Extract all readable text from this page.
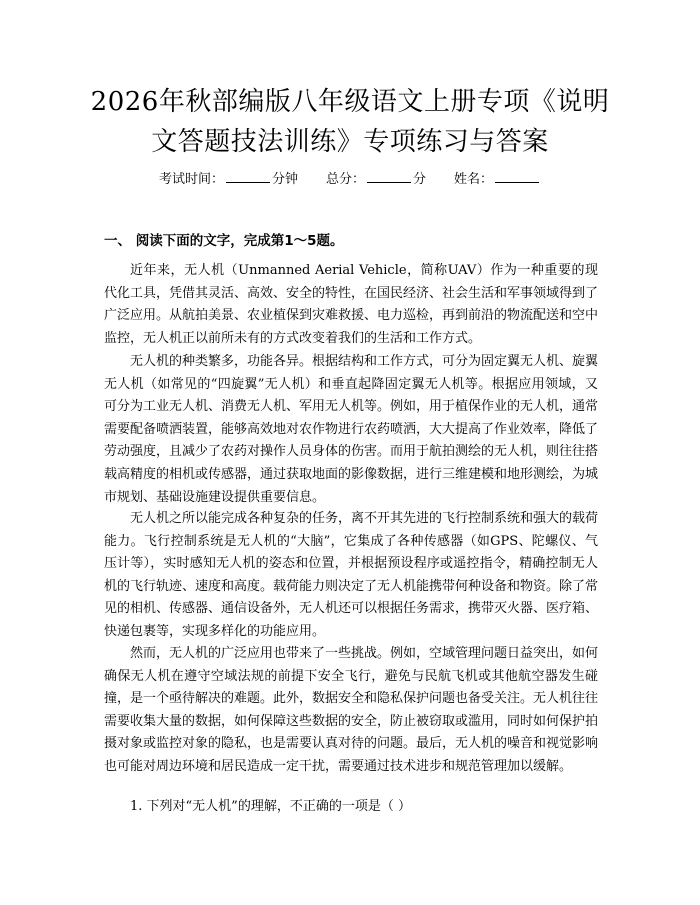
2026年秋部编版八年级语文上册专项《说明
文答题技法训练》专项练习与答案
考试时间：	分钟 总分：	分 姓名：
一、 阅读下面的文字，完成第1～5题。

近年来，无人机（Unmanned Aerial Vehicle，简称UAV）作为一种重要的现代化工具，凭借其灵活、高效、安全的特性，在国民经济、社会生活和军事领域得到了广泛应用。从航拍美景、农业植保到灾难救援、电力巡检，再到前沿的物流配送和空中监控，无人机正以前所未有的方式改变着我们的生活和工作方式。

无人机的种类繁多，功能各异。根据结构和工作方式，可分为固定翼无人机、旋翼无人机（如常见的“四旋翼”无人机）和垂直起降固定翼无人机等。根据应用领域，又可分为工业无人机、消费无人机、军用无人机等。例如，用于植保作业的无人机，通常需要配备喷洒装置，能够高效地对农作物进行农药喷洒，大大提高了作业效率，降低了劳动强度，且减少了农药对操作人员身体的伤害。而用于航拍测绘的无人机，则往往搭载高精度的相机或传感器，通过获取地面的影像数据，进行三维建模和地形测绘，为城市规划、基础设施建设提供重要信息。

无人机之所以能完成各种复杂的任务，离不开其先进的飞行控制系统和强大的载荷能力。飞行控制系统是无人机的“大脑”，它集成了各种传感器（如GPS、陀螺仪、气压计等），实时感知无人机的姿态和位置，并根据预设程序或遥控指令，精确控制无人机的飞行轨迹、速度和高度。载荷能力则决定了无人机能携带何种设备和物资。除了常见的相机、传感器、通信设备外，无人机还可以根据任务需求，携带灭火器、医疗箱、快递包裹等，实现多样化的功能应用。

然而，无人机的广泛应用也带来了一些挑战。例如，空域管理问题日益突出，如何确保无人机在遵守空域法规的前提下安全飞行，避免与民航飞机或其他航空器发生碰撞，是一个亟待解决的难题。此外，数据安全和隐私保护问题也备受关注。无人机往往需要收集大量的数据，如何保障这些数据的安全，防止被窃取或滥用，同时如何保护拍摄对象或监控对象的隐私，也是需要认真对待的问题。最后，无人机的噪音和视觉影响也可能对周边环境和居民造成一定干扰，需要通过技术进步和规范管理加以缓解。

1. 下列对“无人机”的理解，不正确的一项是（ ）
